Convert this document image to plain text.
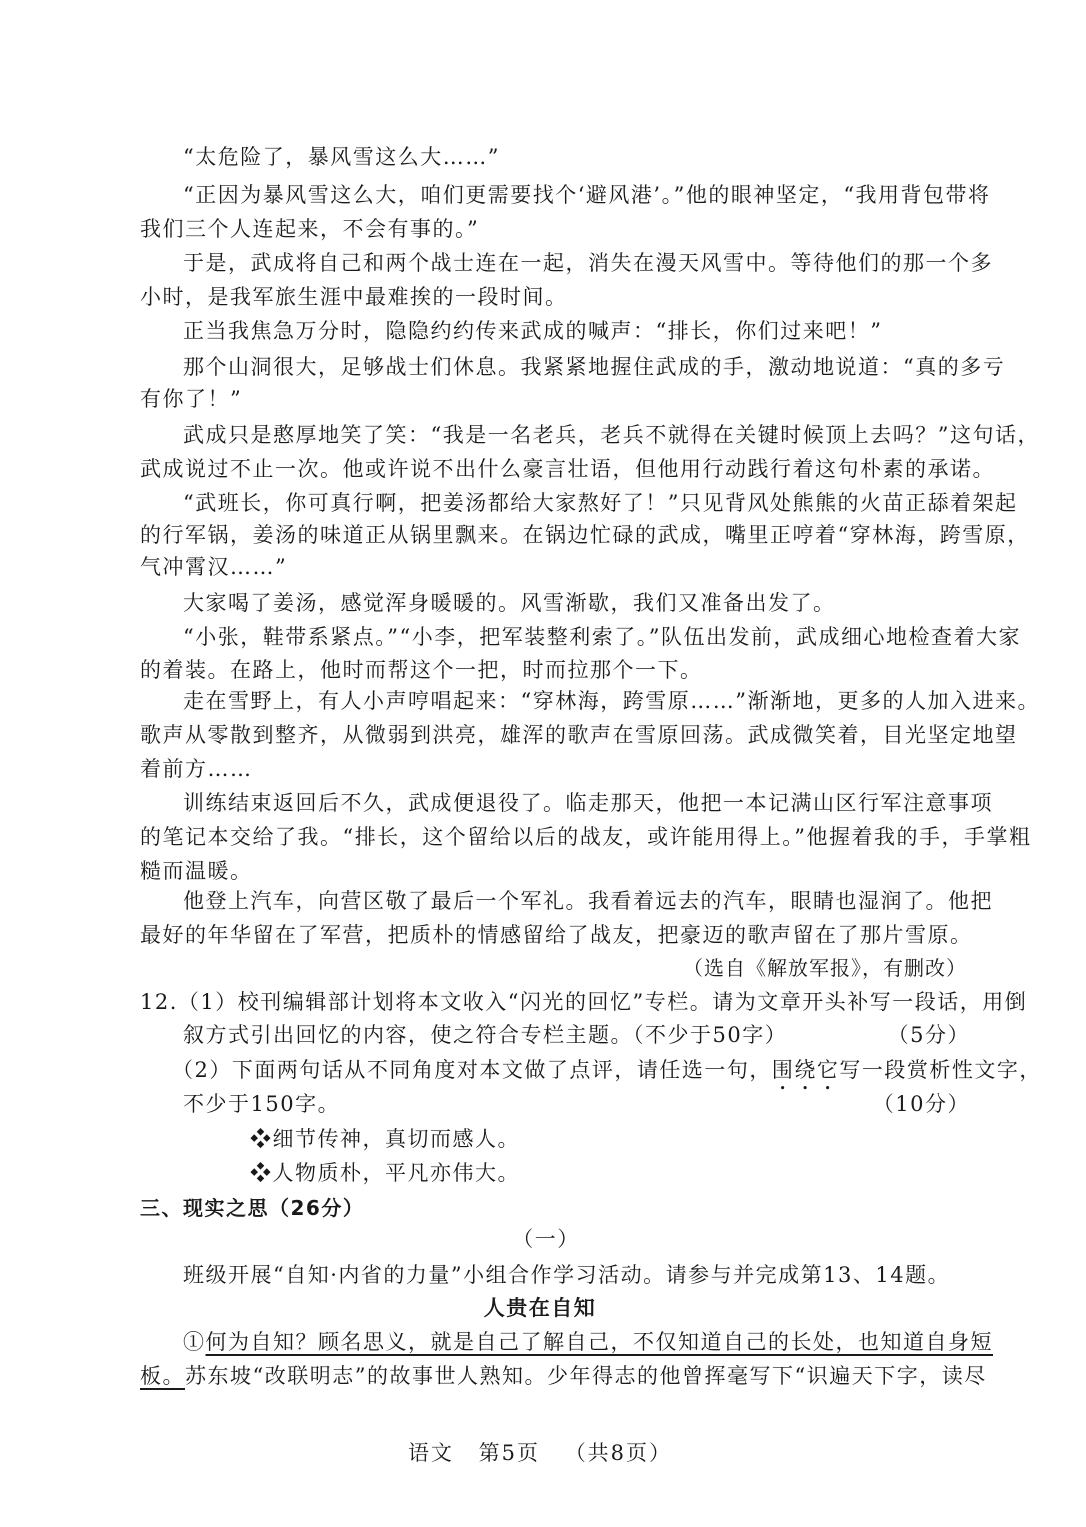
“太危险了，暴风雪这么大……”
“正因为暴风雪这么大，咱们更需要找个‘避风港’。”他的眼神坚定，“我用背包带将
我们三个人连起来，不会有事的。”
于是，武成将自己和两个战士连在一起，消失在漫天风雪中。等待他们的那一个多
小时，是我军旅生涯中最难挨的一段时间。
正当我焦急万分时，隐隐约约传来武成的喊声：“排长，你们过来吧！”
那个山洞很大，足够战士们休息。我紧紧地握住武成的手，激动地说道：“真的多亏
有你了！”
武成只是憨厚地笑了笑：“我是一名老兵，老兵不就得在关键时候顶上去吗？”这句话，
武成说过不止一次。他或许说不出什么豪言壮语，但他用行动践行着这句朴素的承诺。
“武班长，你可真行啊，把姜汤都给大家熬好了！”只见背风处熊熊的火苗正舔着架起
的行军锅，姜汤的味道正从锅里飘来。在锅边忙碌的武成，嘴里正哼着“穿林海，跨雪原，
气冲霄汉……”
大家喝了姜汤，感觉浑身暖暖的。风雪渐歇，我们又准备出发了。
“小张，鞋带系紧点。”“小李，把军装整利索了。”队伍出发前，武成细心地检查着大家
的着装。在路上，他时而帮这个一把，时而拉那个一下。
走在雪野上，有人小声哼唱起来：“穿林海，跨雪原……”渐渐地，更多的人加入进来。
歌声从零散到整齐，从微弱到洪亮，雄浑的歌声在雪原回荡。武成微笑着，目光坚定地望
着前方……
训练结束返回后不久，武成便退役了。临走那天，他把一本记满山区行军注意事项
的笔记本交给了我。“排长，这个留给以后的战友，或许能用得上。”他握着我的手，手掌粗
糙而温暖。
他登上汽车，向营区敬了最后一个军礼。我看着远去的汽车，眼睛也湿润了。他把
最好的年华留在了军营，把质朴的情感留给了战友，把豪迈的歌声留在了那片雪原。
（选自《解放军报》，有删改）
12.（1）校刊编辑部计划将本文收入“闪光的回忆”专栏。请为文章开头补写一段话，用倒
叙方式引出回忆的内容，使之符合专栏主题。（不少于50字）	（5分）
（2）下面两句话从不同角度对本文做了点评，请任选一句，围绕它写一段赏析性文字，
不少于150字。	（10分）
❖细节传神，真切而感人。
❖人物质朴，平凡亦伟大。
三、现实之思（26分）
（一）
班级开展“自知·内省的力量”小组合作学习活动。请参与并完成第13、14题。
人贵在自知
①何为自知？顾名思义，就是自己了解自己，不仅知道自己的长处，也知道自身短
板。苏东坡“改联明志”的故事世人熟知。少年得志的他曾挥毫写下“识遍天下字，读尽
语文 第5页 （共8页）
